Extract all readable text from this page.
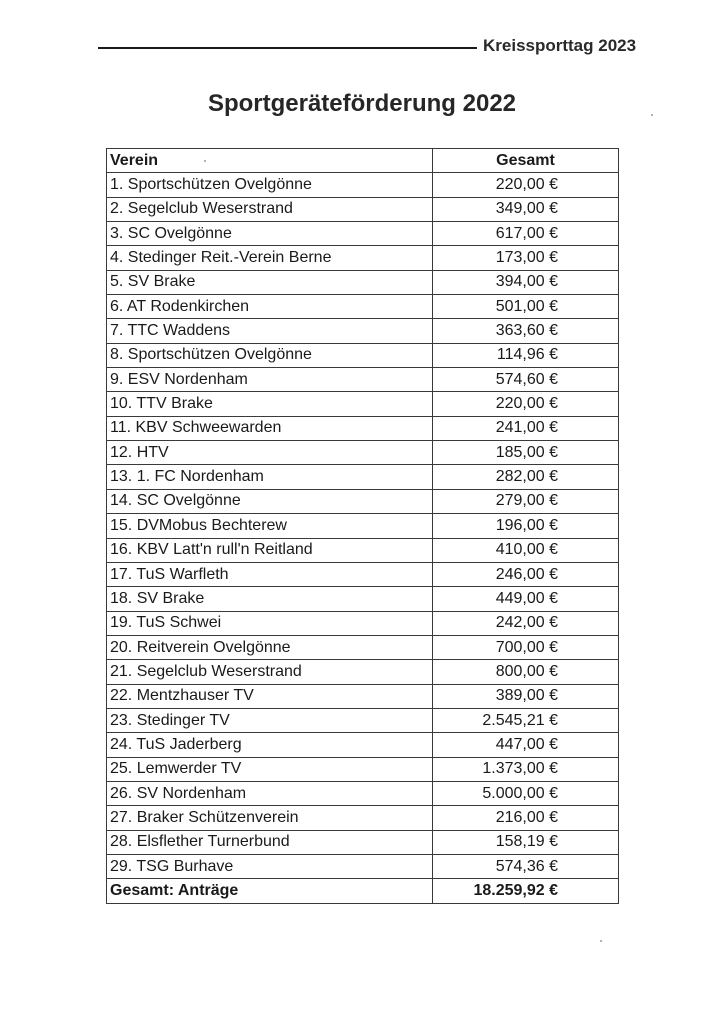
Kreissporttag 2023
Sportgeräteförderung 2022
Verein	Gesamt
1. Sportschützen Ovelgönne	220,00 €
2. Segelclub Weserstrand	349,00 €
3. SC Ovelgönne	617,00 €
4. Stedinger Reit.-Verein Berne	173,00 €
5. SV Brake	394,00 €
6. AT Rodenkirchen	501,00 €
7. TTC Waddens	363,60 €
8. Sportschützen Ovelgönne	114,96 €
9. ESV Nordenham	574,60 €
10. TTV Brake	220,00 €
11. KBV Schweewarden	241,00 €
12. HTV	185,00 €
13. 1. FC Nordenham	282,00 €
14. SC Ovelgönne	279,00 €
15. DVMobus Bechterew	196,00 €
16. KBV Latt'n rull'n Reitland	410,00 €
17. TuS Warfleth	246,00 €
18. SV Brake	449,00 €
19. TuS Schwei	242,00 €
20. Reitverein Ovelgönne	700,00 €
21. Segelclub Weserstrand	800,00 €
22. Mentzhauser TV	389,00 €
23. Stedinger TV	2.545,21 €
24. TuS Jaderberg	447,00 €
25. Lemwerder TV	1.373,00 €
26. SV Nordenham	5.000,00 €
27. Braker Schützenverein	216,00 €
28. Elsflether Turnerbund	158,19 €
29. TSG Burhave	574,36 €
Gesamt: Anträge	18.259,92 €
